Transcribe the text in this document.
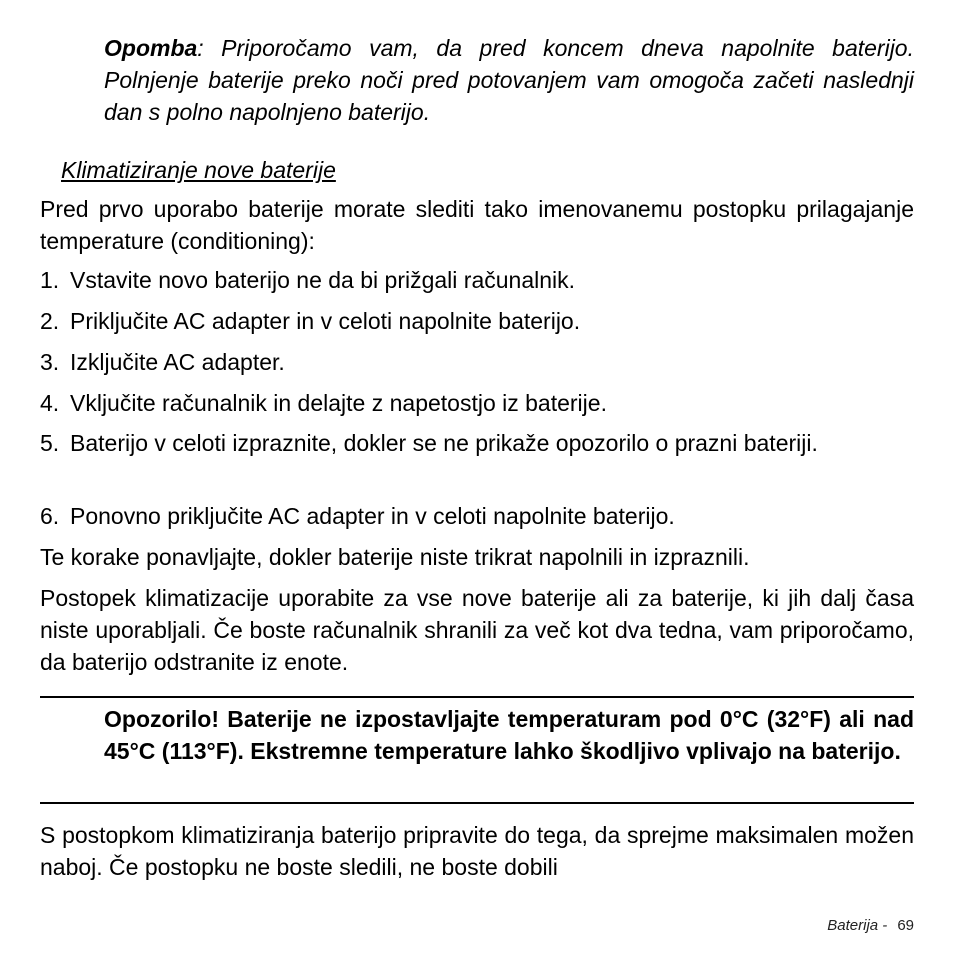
Opomba: Priporočamo vam, da pred koncem dneva napolnite baterijo. Polnjenje baterije preko noči pred potovanjem vam omogoča začeti naslednji dan s polno napolnjeno baterijo.

Klimatiziranje nove baterije

Pred prvo uporabo baterije morate slediti tako imenovanemu postopku prilagajanje temperature (conditioning):

1. Vstavite novo baterijo ne da bi prižgali računalnik.
2. Priključite AC adapter in v celoti napolnite baterijo.
3. Izključite AC adapter.
4. Vključite računalnik in delajte z napetostjo iz baterije.
5. Baterijo v celoti izpraznite, dokler se ne prikaže opozorilo o prazni bateriji.
6. Ponovno priključite AC adapter in v celoti napolnite baterijo.

Te korake ponavljajte, dokler baterije niste trikrat napolnili in izpraznili.

Postopek klimatizacije uporabite za vse nove baterije ali za baterije, ki jih dalj časa niste uporabljali. Če boste računalnik shranili za več kot dva tedna, vam priporočamo, da baterijo odstranite iz enote.

Opozorilo! Baterije ne izpostavljajte temperaturam pod 0°C (32°F) ali nad 45°C (113°F). Ekstremne temperature lahko škodljivo vplivajo na baterijo.

S postopkom klimatiziranja baterijo pripravite do tega, da sprejme maksimalen možen naboj. Če postopku ne boste sledili, ne boste dobili

Baterija - 69
